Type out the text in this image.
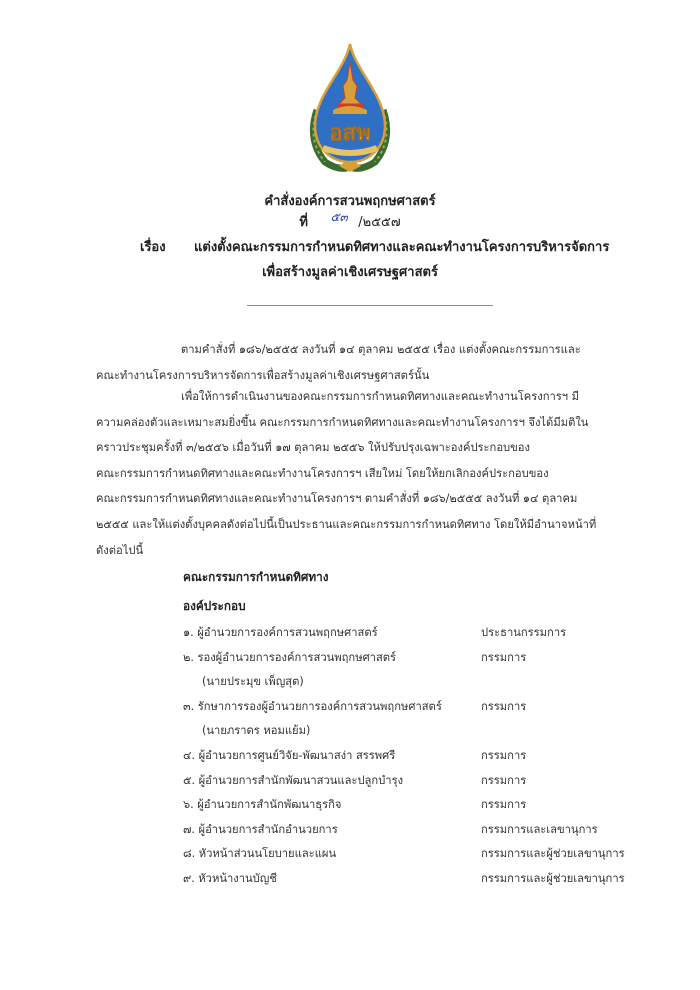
อสพ
คำสั่งองค์การสวนพฤกษศาสตร์
ที่ ๕๓ /๒๕๕๗
เรื่อง แต่งตั้งคณะกรรมการกำหนดทิศทางและคณะทำงานโครงการบริหารจัดการ
เพื่อสร้างมูลค่าเชิงเศรษฐศาสตร์
ตามคำสั่งที่ ๑๘๖/๒๕๕๕ ลงวันที่ ๑๔ ตุลาคม ๒๕๕๕ เรื่อง แต่งตั้งคณะกรรมการและ
คณะทำงานโครงการบริหารจัดการเพื่อสร้างมูลค่าเชิงเศรษฐศาสตร์นั้น
เพื่อให้การดำเนินงานของคณะกรรมการกำหนดทิศทางและคณะทำงานโครงการฯ มี
ความคล่องตัวและเหมาะสมยิ่งขึ้น คณะกรรมการกำหนดทิศทางและคณะทำงานโครงการฯ จึงได้มีมติใน
คราวประชุมครั้งที่ ๓/๒๕๕๖ เมื่อวันที่ ๑๗ ตุลาคม ๒๕๕๖ ให้ปรับปรุงเฉพาะองค์ประกอบของ
คณะกรรมการกำหนดทิศทางและคณะทำงานโครงการฯ เสียใหม่ โดยให้ยกเลิกองค์ประกอบของ
คณะกรรมการกำหนดทิศทางและคณะทำงานโครงการฯ ตามคำสั่งที่ ๑๘๖/๒๕๕๕ ลงวันที่ ๑๔ ตุลาคม
๒๕๕๕ และให้แต่งตั้งบุคคลดังต่อไปนี้เป็นประธานและคณะกรรมการกำหนดทิศทาง โดยให้มีอำนาจหน้าที่
ดังต่อไปนี้
คณะกรรมการกำหนดทิศทาง
องค์ประกอบ
๑. ผู้อำนวยการองค์การสวนพฤกษศาสตร์	ประธานกรรมการ
๒. รองผู้อำนวยการองค์การสวนพฤกษศาสตร์	กรรมการ
(นายประมุข เพ็ญสุต)
๓. รักษาการรองผู้อำนวยการองค์การสวนพฤกษศาสตร์	กรรมการ
(นายภราดร หอมแย้ม)
๔. ผู้อำนวยการศูนย์วิจัย-พัฒนาสง่า สรรพศรี	กรรมการ
๕. ผู้อำนวยการสำนักพัฒนาสวนและปลูกบำรุง	กรรมการ
๖. ผู้อำนวยการสำนักพัฒนาธุรกิจ	กรรมการ
๗. ผู้อำนวยการสำนักอำนวยการ	กรรมการและเลขานุการ
๘. หัวหน้าส่วนนโยบายและแผน	กรรมการและผู้ช่วยเลขานุการ
๙. หัวหน้างานบัญชี	กรรมการและผู้ช่วยเลขานุการ
